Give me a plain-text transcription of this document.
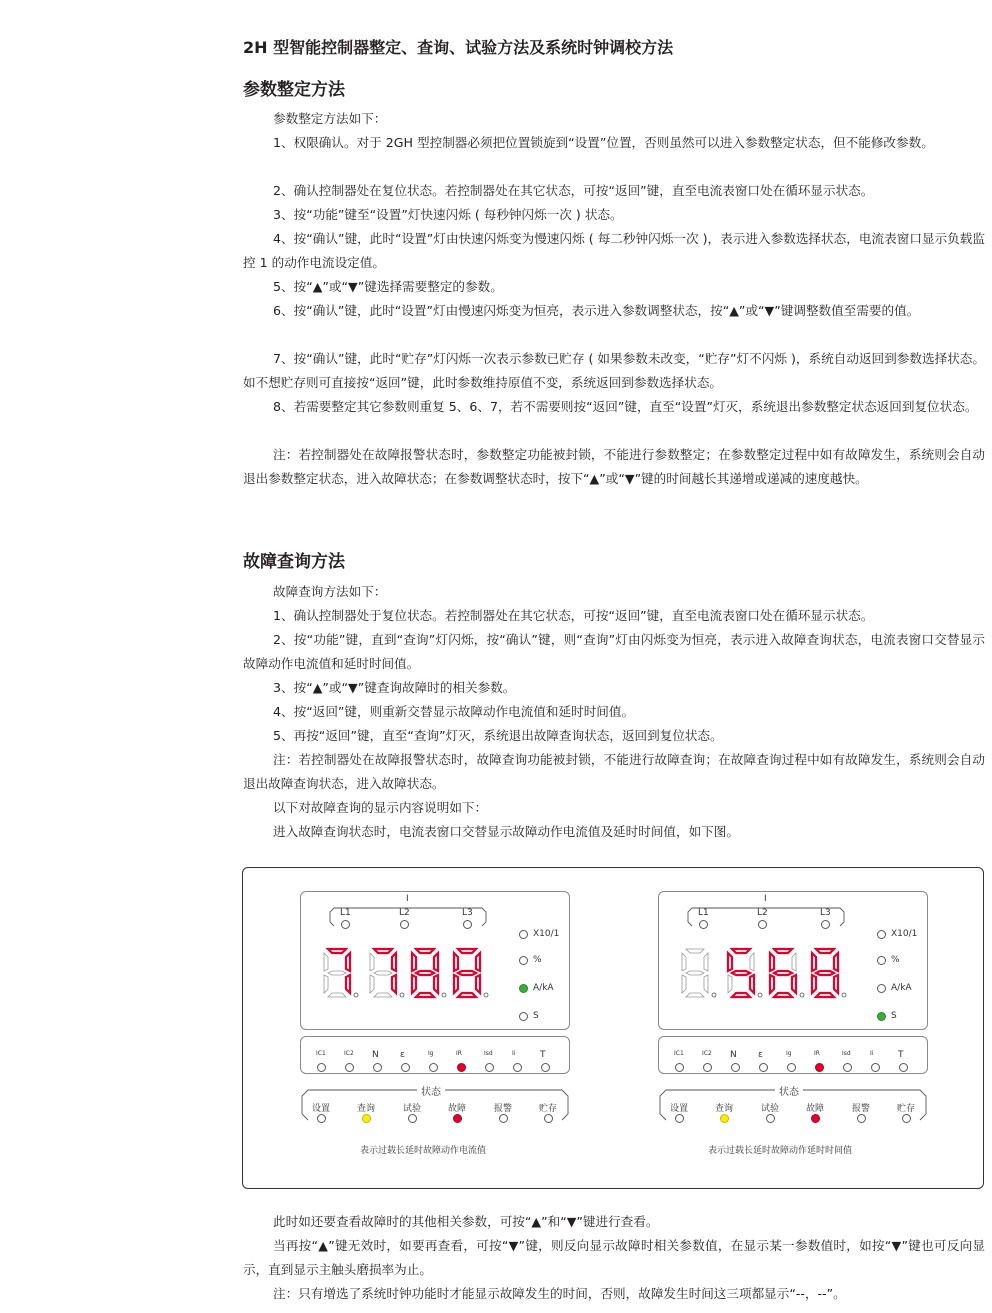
2H 型智能控制器整定、查询、试验方法及系统时钟调校方法
参数整定方法

参数整定方法如下：

1、权限确认。对于 2GH 型控制器必须把位置锁旋到“设置”位置，否则虽然可以进入参数整定状态，但不能修改参数。

2、确认控制器处在复位状态。若控制器处在其它状态，可按“返回”键，直至电流表窗口处在循环显示状态。

3、按“功能”键至“设置”灯快速闪烁 ( 每秒钟闪烁一次 ) 状态。

4、按“确认”键，此时“设置”灯由快速闪烁变为慢速闪烁 ( 每二秒钟闪烁一次 )，表示进入参数选择状态，电流表窗口显示负载监控 1 的动作电流设定值。

5、按“▲”或“▼”键选择需要整定的参数。

6、按“确认”键，此时“设置”灯由慢速闪烁变为恒亮，表示进入参数调整状态，按“▲”或“▼”键调整数值至需要的值。

7、按“确认”键，此时“贮存”灯闪烁一次表示参数已贮存 ( 如果参数未改变，“贮存”灯不闪烁 )，系统自动返回到参数选择状态。如不想贮存则可直接按“返回”键，此时参数维持原值不变，系统返回到参数选择状态。

8、若需要整定其它参数则重复 5、6、7，若不需要则按“返回”键，直至“设置”灯灭，系统退出参数整定状态返回到复位状态。

注：若控制器处在故障报警状态时，参数整定功能被封锁，不能进行参数整定；在参数整定过程中如有故障发生，系统则会自动退出参数整定状态，进入故障状态；在参数调整状态时，按下“▲”或“▼”键的时间越长其递增或递减的速度越快。

故障查询方法

故障查询方法如下：

1、确认控制器处于复位状态。若控制器处在其它状态，可按“返回”键，直至电流表窗口处在循环显示状态。

2、按“功能”键，直到“查询”灯闪烁，按“确认”键，则“查询”灯由闪烁变为恒亮，表示进入故障查询状态，电流表窗口交替显示故障动作电流值和延时时间值。

3、按“▲”或“▼”键查询故障时的相关参数。

4、按“返回”键，则重新交替显示故障动作电流值和延时时间值。

5、再按“返回”键，直至“查询”灯灭，系统退出故障查询状态，返回到复位状态。

注：若控制器处在故障报警状态时，故障查询功能被封锁，不能进行故障查询；在故障查询过程中如有故障发生，系统则会自动退出故障查询状态，进入故障状态。

以下对故障查询的显示内容说明如下：

进入故障查询状态时，电流表窗口交替显示故障动作电流值及延时时间值，如下图。

I
L1	L2	L3
X10/1
%
A/kA
S
IC1	IC2 N ε	Ig	IR	Isd	Ii	T
状态
设置	查询	试验	故障	报警	贮存
表示过载长延时故障动作电流值
I
L1	L2	L3
X10/1
%
A/kA
S
IC1	IC2 N ε	Ig	IR	Isd	Ii	T
状态
设置	查询	试验	故障	报警	贮存
表示过载长延时故障动作延时时间值

此时如还要查看故障时的其他相关参数，可按“▲”和“▼”键进行查看。

当再按“▲”键无效时，如要再查看，可按“▼”键，则反向显示故障时相关参数值，在显示某一参数值时，如按“▼”键也可反向显示，直到显示主触头磨损率为止。

注：只有增选了系统时钟功能时才能显示故障发生的时间，否则，故障发生时间这三项都显示“--，--”。
